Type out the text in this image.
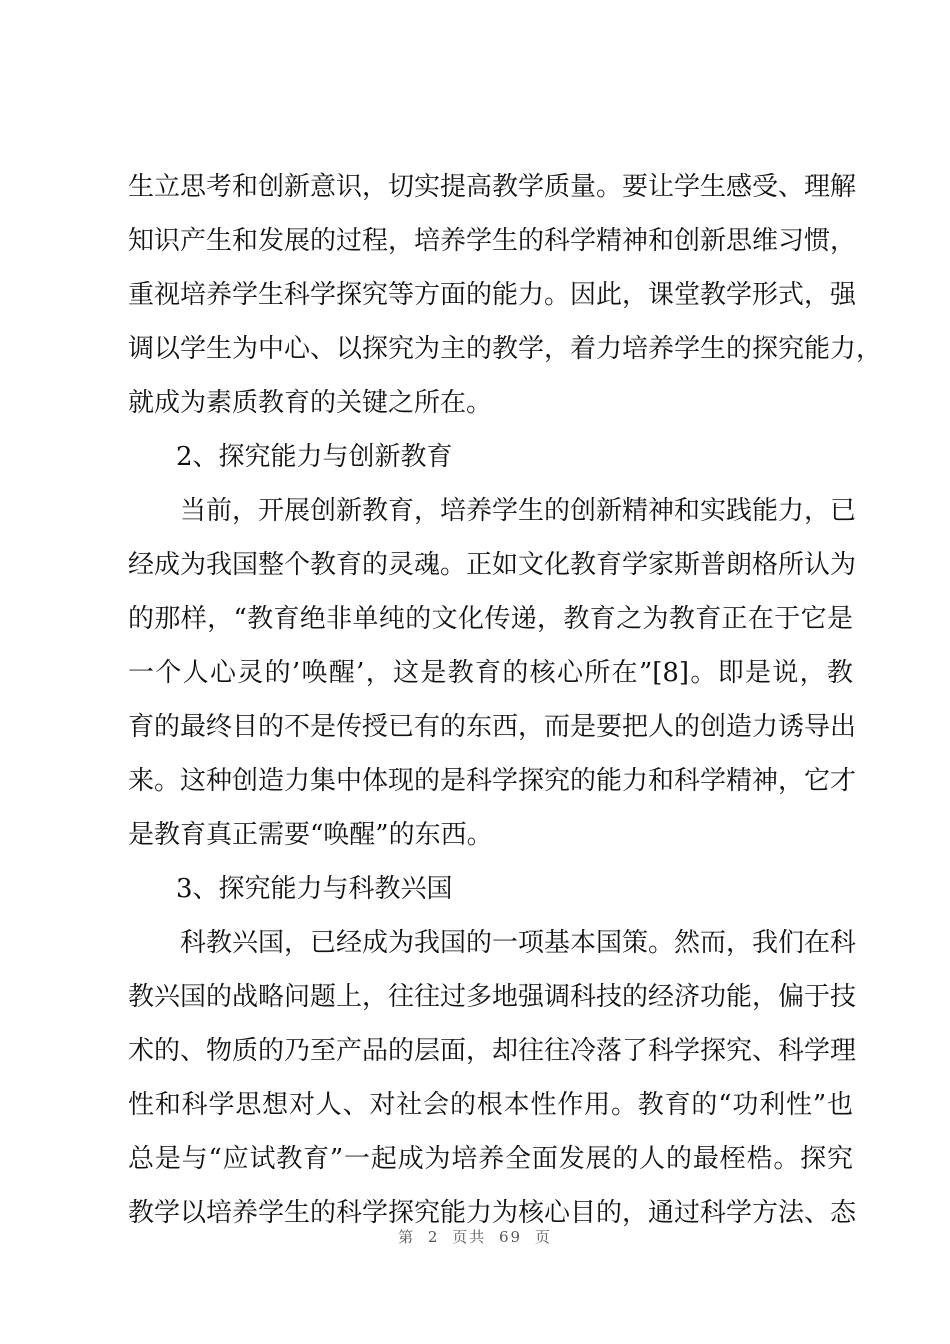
生立思考和创新意识，切实提高教学质量。要让学生感受、理解
知识产生和发展的过程，培养学生的科学精神和创新思维习惯，
重视培养学生科学探究等方面的能力。因此，课堂教学形式，强
调以学生为中心、以探究为主的教学，着力培养学生的探究能力，
就成为素质教育的关键之所在。
2、探究能力与创新教育
当前，开展创新教育，培养学生的创新精神和实践能力，已
经成为我国整个教育的灵魂。正如文化教育学家斯普朗格所认为
的那样，“教育绝非单纯的文化传递，教育之为教育正在于它是
一个人心灵的’唤醒’，这是教育的核心所在”[8]。即是说，教
育的最终目的不是传授已有的东西，而是要把人的创造力诱导出
来。这种创造力集中体现的是科学探究的能力和科学精神，它才
是教育真正需要“唤醒”的东西。
3、探究能力与科教兴国
科教兴国，已经成为我国的一项基本国策。然而，我们在科
教兴国的战略问题上，往往过多地强调科技的经济功能，偏于技
术的、物质的乃至产品的层面，却往往冷落了科学探究、科学理
性和科学思想对人、对社会的根本性作用。教育的“功利性”也
总是与“应试教育”一起成为培养全面发展的人的最桎梏。探究
教学以培养学生的科学探究能力为核心目的，通过科学方法、态
第 2 页共 69 页
